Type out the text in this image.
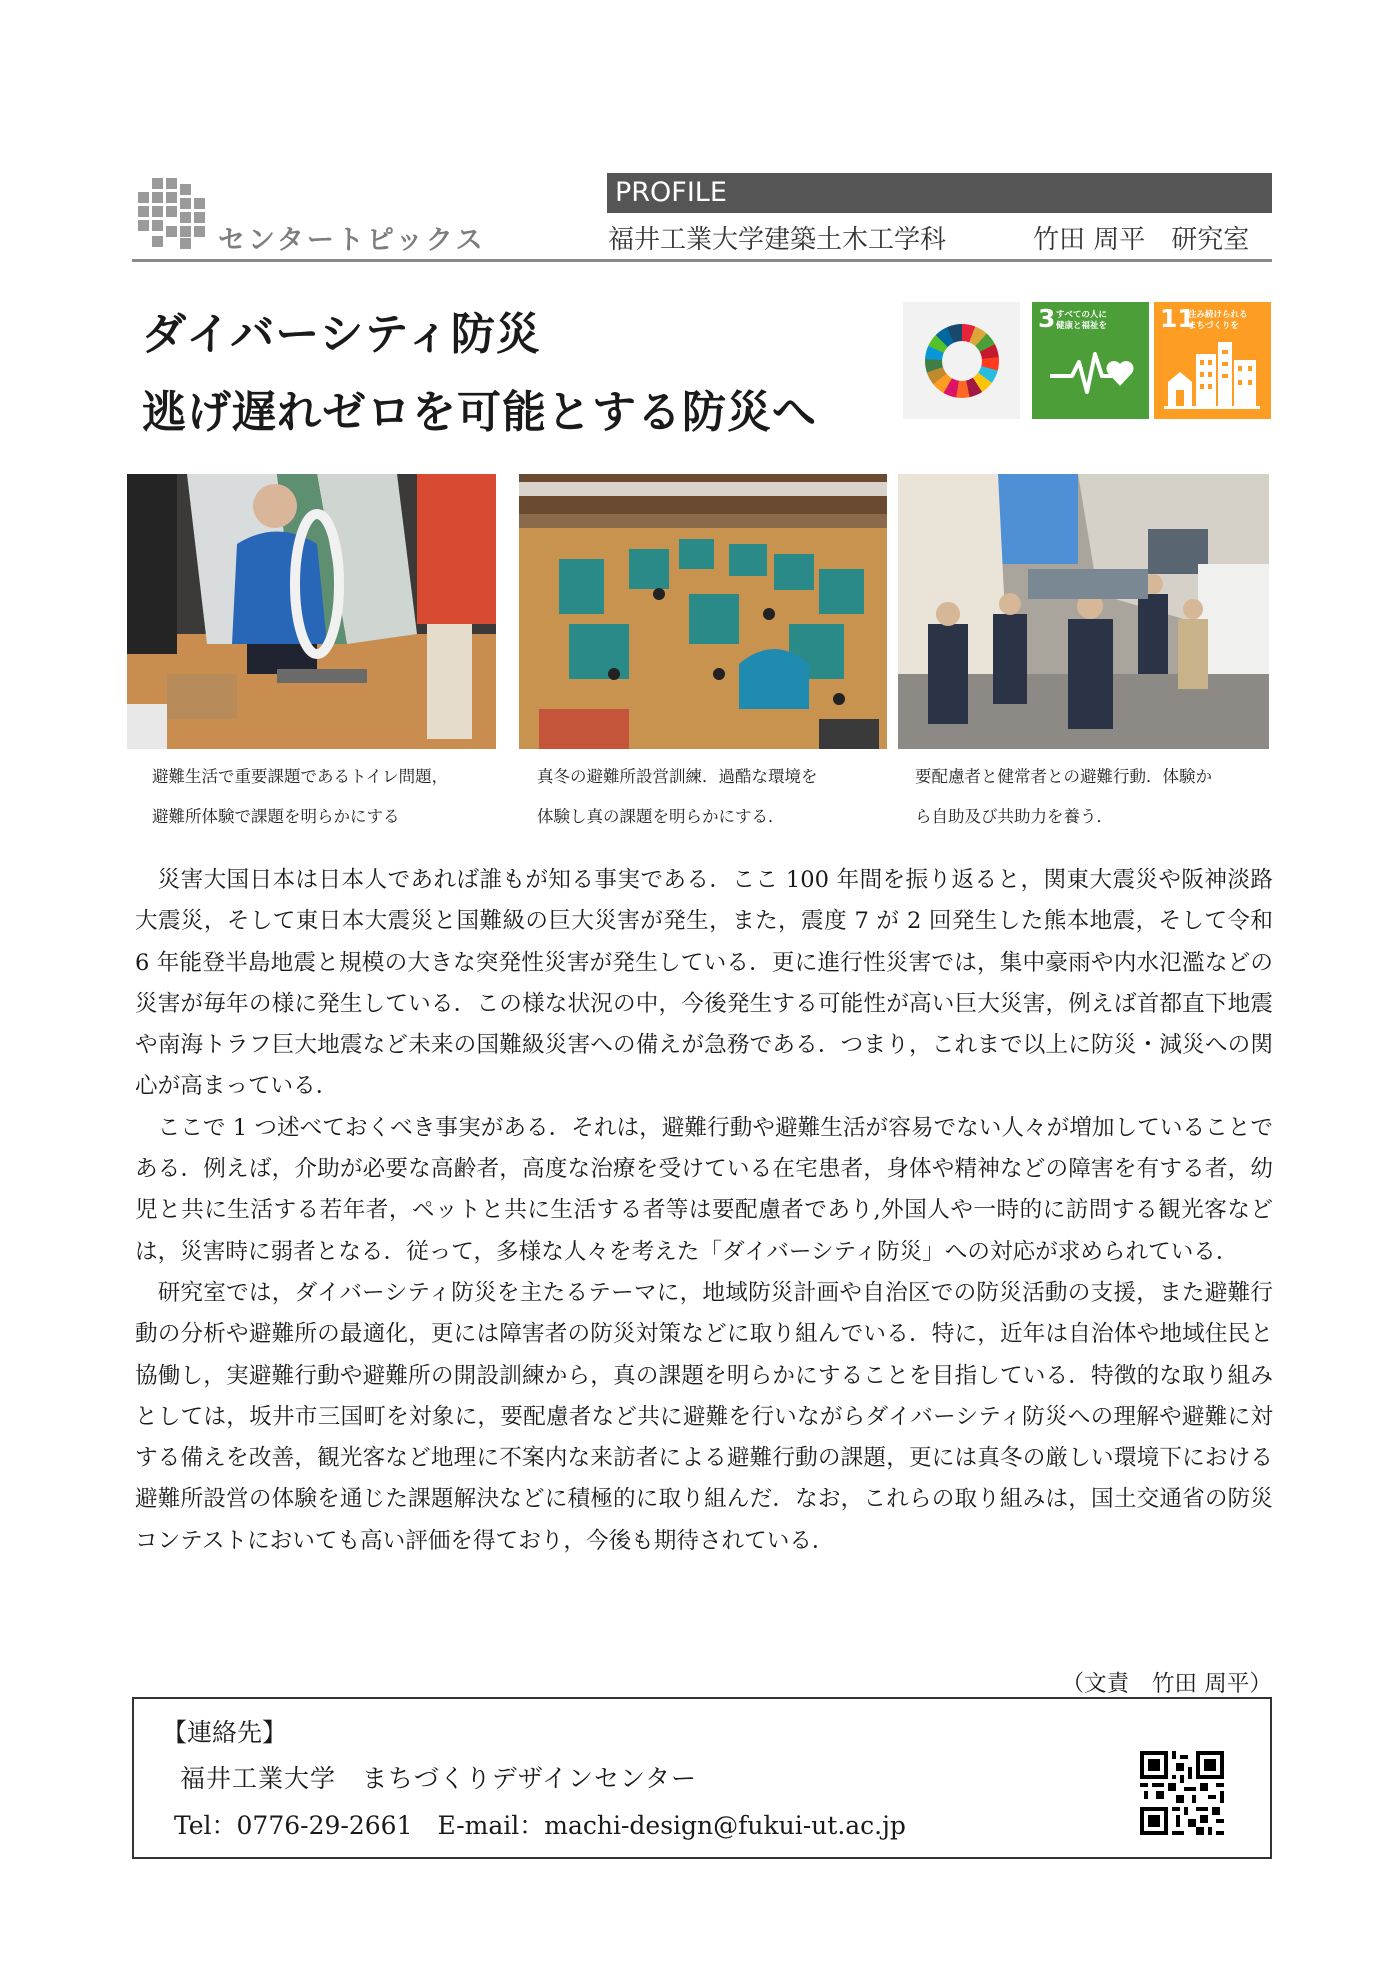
センタートピックス
PROFILE
福井工業大学建築土木工学科	竹田 周平　研究室
ダイバーシティ防災
逃げ遅れゼロを可能とする防災へ
3 すべての人に
健康と福祉を 11
住み続けられる
まちづくりを
避難生活で重要課題であるトイレ問題，
避難所体験で課題を明らかにする
真冬の避難所設営訓練．過酷な環境を
体験し真の課題を明らかにする．
要配慮者と健常者との避難行動．体験か
ら自助及び共助力を養う．

災害大国日本は日本人であれば誰もが知る事実である．ここ 100 年間を振り返ると，関東大震災や阪神淡路大震災，そして東日本大震災と国難級の巨大災害が発生，また，震度 7 が 2 回発生した熊本地震，そして令和 6 年能登半島地震と規模の大きな突発性災害が発生している．更に進行性災害では，集中豪雨や内水氾濫などの災害が毎年の様に発生している．この様な状況の中，今後発生する可能性が高い巨大災害，例えば首都直下地震や南海トラフ巨大地震など未来の国難級災害への備えが急務である．つまり，これまで以上に防災・減災への関心が高まっている．

ここで 1 つ述べておくべき事実がある．それは，避難行動や避難生活が容易でない人々が増加していることである．例えば，介助が必要な高齢者，高度な治療を受けている在宅患者，身体や精神などの障害を有する者，幼児と共に生活する若年者，ペットと共に生活する者等は要配慮者であり,外国人や一時的に訪問する観光客などは，災害時に弱者となる．従って，多様な人々を考えた「ダイバーシティ防災」への対応が求められている．

研究室では，ダイバーシティ防災を主たるテーマに，地域防災計画や自治区での防災活動の支援，また避難行動の分析や避難所の最適化，更には障害者の防災対策などに取り組んでいる．特に，近年は自治体や地域住民と協働し，実避難行動や避難所の開設訓練から，真の課題を明らかにすることを目指している．特徴的な取り組みとしては，坂井市三国町を対象に，要配慮者など共に避難を行いながらダイバーシティ防災への理解や避難に対する備えを改善，観光客など地理に不案内な来訪者による避難行動の課題，更には真冬の厳しい環境下における避難所設営の体験を通じた課題解決などに積極的に取り組んだ．なお，これらの取り組みは，国土交通省の防災コンテストにおいても高い評価を得ており，今後も期待されている．

（文責　竹田 周平）
【連絡先】
福井工業大学　まちづくりデザインセンター
Tel：0776-29-2661　E-mail：machi-design@fukui-ut.ac.jp
